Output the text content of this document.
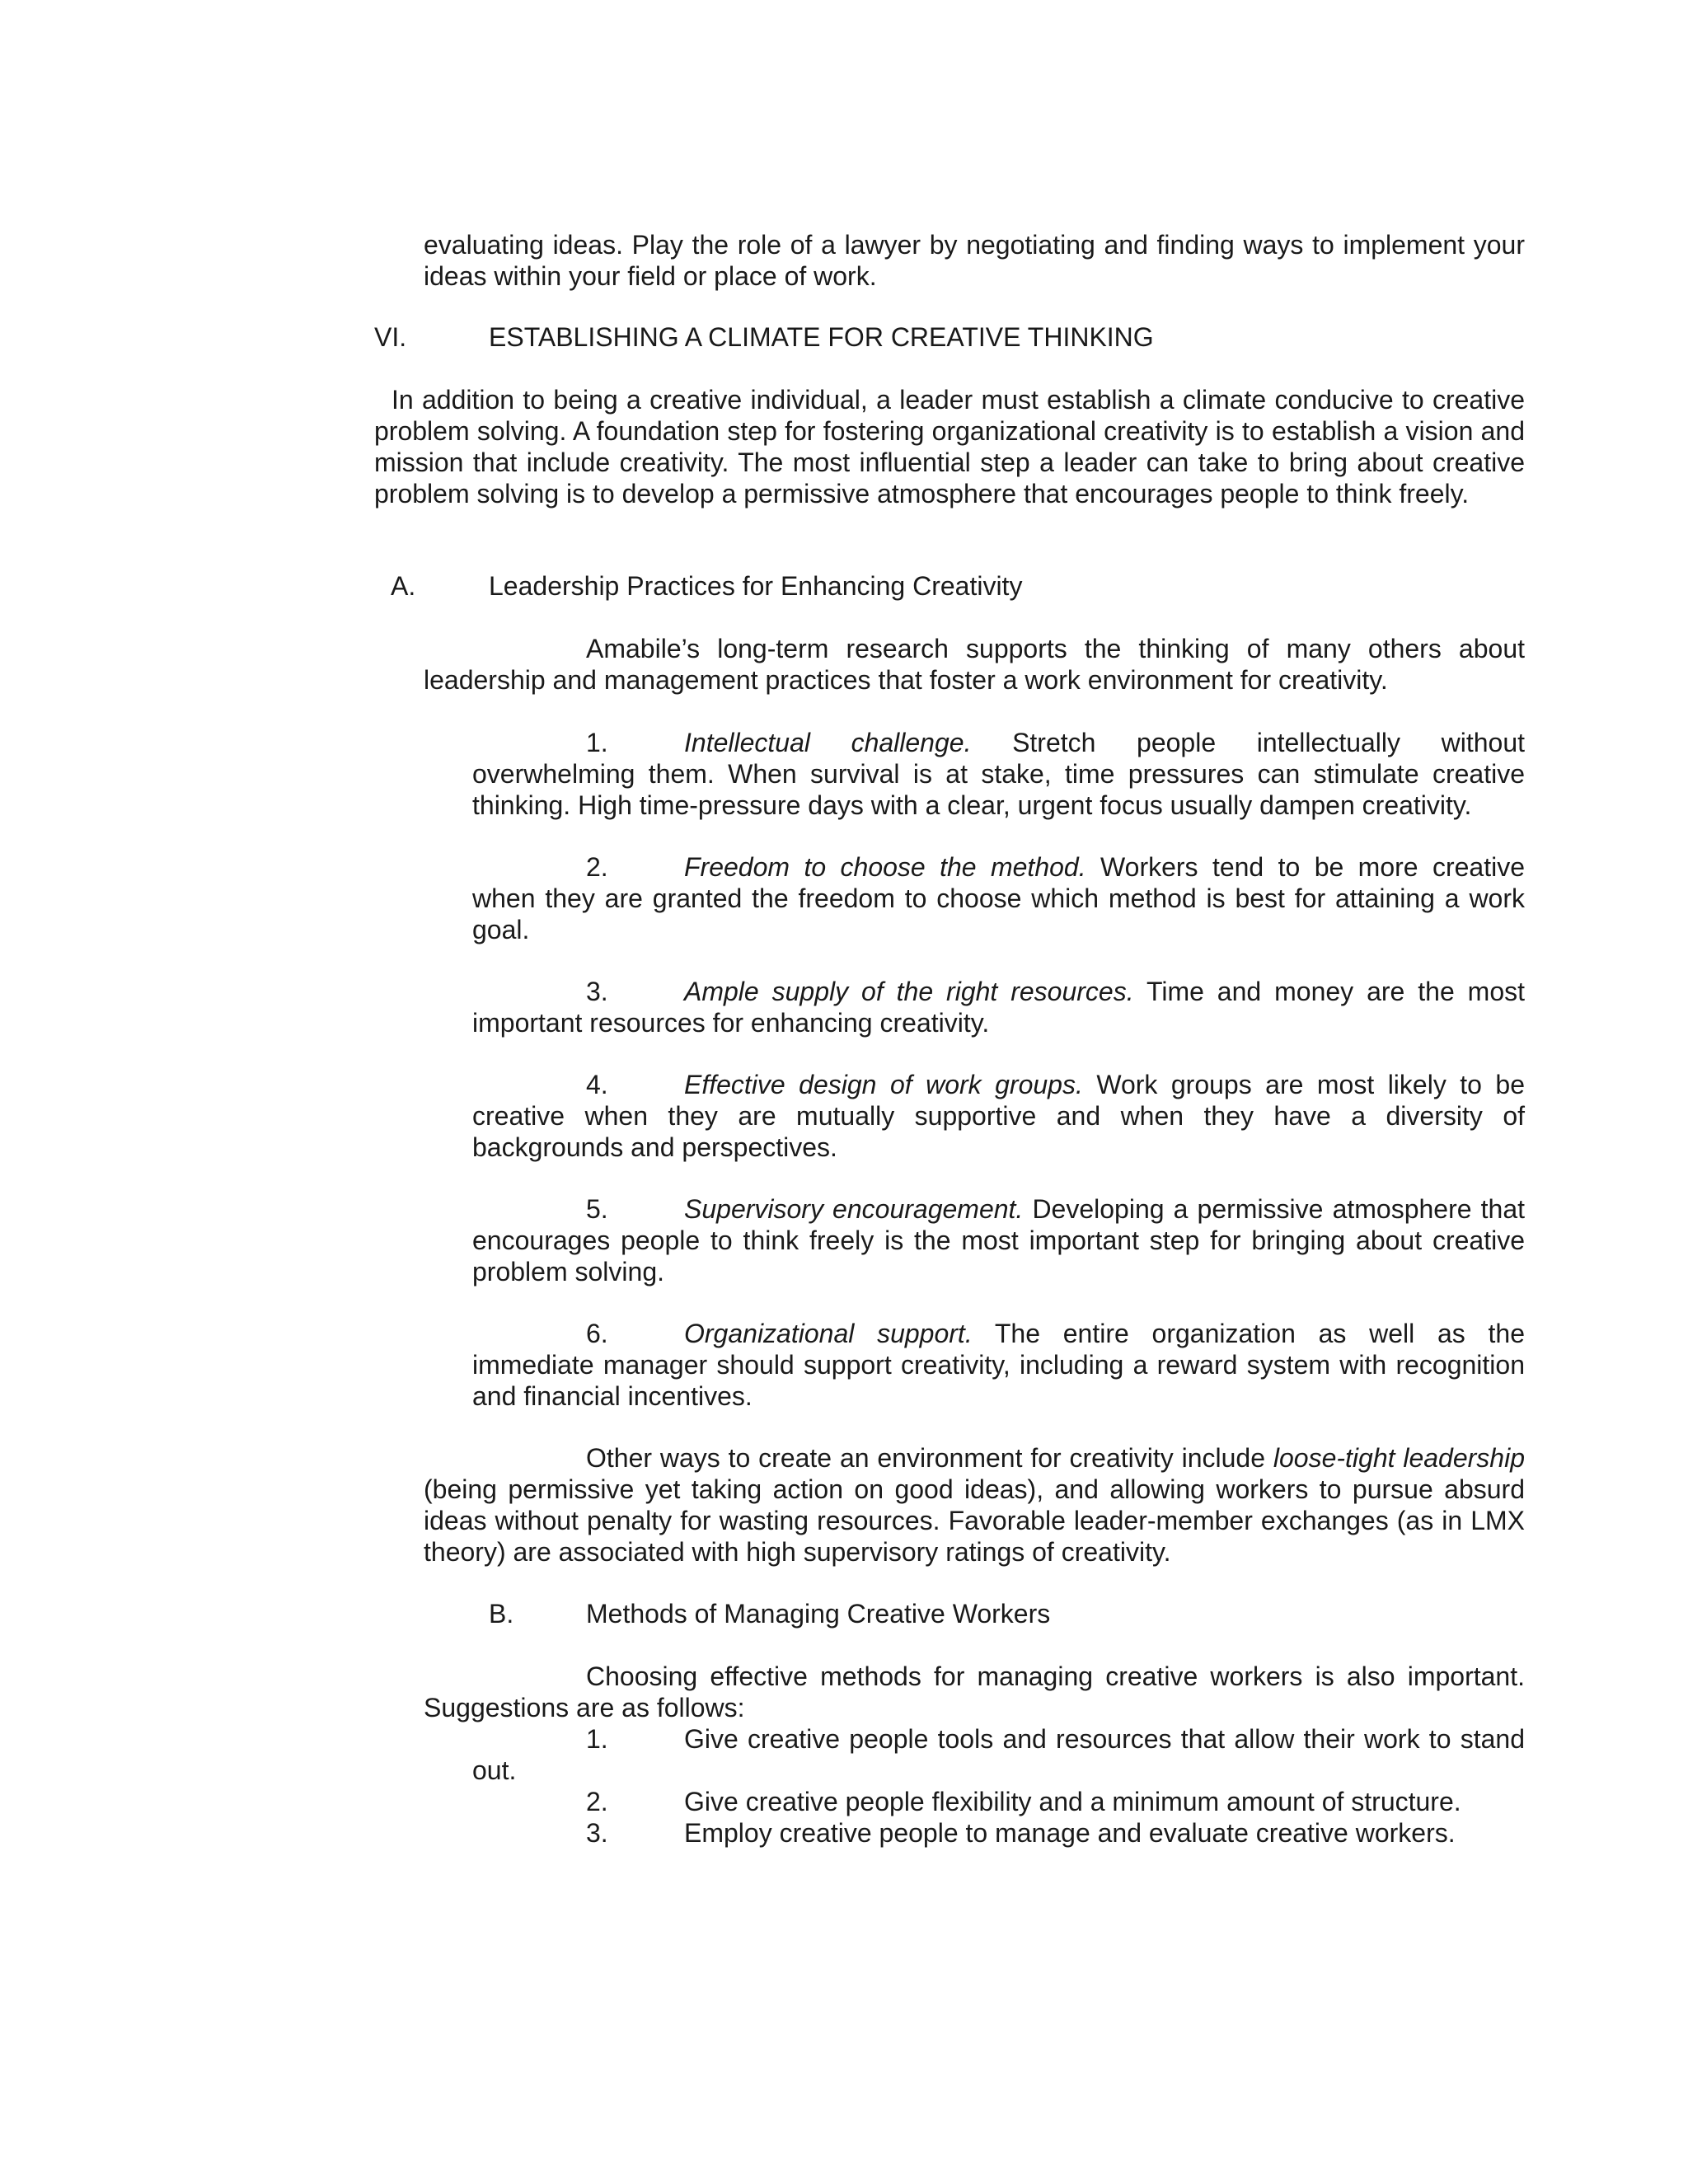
evaluating ideas. Play the role of a lawyer by negotiating and finding ways to implement your ideas within your field or place of work.

VI.	ESTABLISHING A CLIMATE FOR CREATIVE THINKING

In addition to being a creative individual, a leader must establish a climate conducive to creative problem solving. A foundation step for fostering organizational creativity is to establish a vision and mission that include creativity. The most influential step a leader can take to bring about creative problem solving is to develop a permissive atmosphere that encourages people to think freely.

A.	Leadership Practices for Enhancing Creativity

Amabile’s long-term research supports the thinking of many others about leadership and management practices that foster a work environment for creativity.

1.	Intellectual challenge. Stretch people intellectually without overwhelming them. When survival is at stake, time pressures can stimulate creative thinking. High time-pressure days with a clear, urgent focus usually dampen creativity.

2.	Freedom to choose the method. Workers tend to be more creative when they are granted the freedom to choose which method is best for attaining a work goal.

3.	Ample supply of the right resources. Time and money are the most important resources for enhancing creativity.

4.	Effective design of work groups. Work groups are most likely to be creative when they are mutually supportive and when they have a diversity of backgrounds and perspectives.

5.	Supervisory encouragement. Developing a permissive atmosphere that encourages people to think freely is the most important step for bringing about creative problem solving.

6.	Organizational support. The entire organization as well as the immediate manager should support creativity, including a reward system with recognition and financial incentives.

Other ways to create an environment for creativity include loose-tight leadership (being permissive yet taking action on good ideas), and allowing workers to pursue absurd ideas without penalty for wasting resources. Favorable leader-member exchanges (as in LMX theory) are associated with high supervisory ratings of creativity.

B.	Methods of Managing Creative Workers

Choosing effective methods for managing creative workers is also important. Suggestions are as follows:

1.	Give creative people tools and resources that allow their work to stand out.

2.	Give creative people flexibility and a minimum amount of structure.

3.	Employ creative people to manage and evaluate creative workers.
